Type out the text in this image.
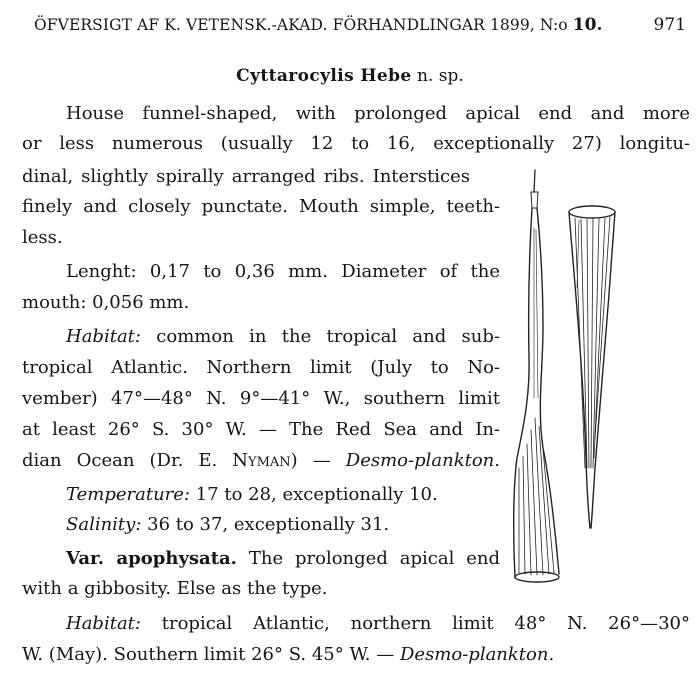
ÖFVERSIGT AF K. VETENSK.-AKAD. FÖRHANDLINGAR 1899, N:o 10.	971
Cyttarocylis Hebe n. sp.
House funnel-shaped, with prolonged apical end and more
or less numerous (usually 12 to 16, exceptionally 27) longitu-
dinal, slightly spirally arranged ribs. Interstices
finely and closely punctate. Mouth simple, teeth-
less.
Lenght: 0,17 to 0,36 mm. Diameter of the
mouth: 0,056 mm.
Habitat: common in the tropical and sub-
tropical Atlantic. Northern limit (July to No-
vember) 47°—48° N. 9°—41° W., southern limit
at least 26° S. 30° W. — The Red Sea and In-
dian Ocean (Dr. E. Nyman) — Desmo-plankton.
Temperature: 17 to 28, exceptionally 10.
Salinity: 36 to 37, exceptionally 31.
Var. apophysata. The prolonged apical end
with a gibbosity. Else as the type.
Habitat: tropical Atlantic, northern limit 48° N. 26°—30°
W. (May). Southern limit 26° S. 45° W. — Desmo-plankton.
